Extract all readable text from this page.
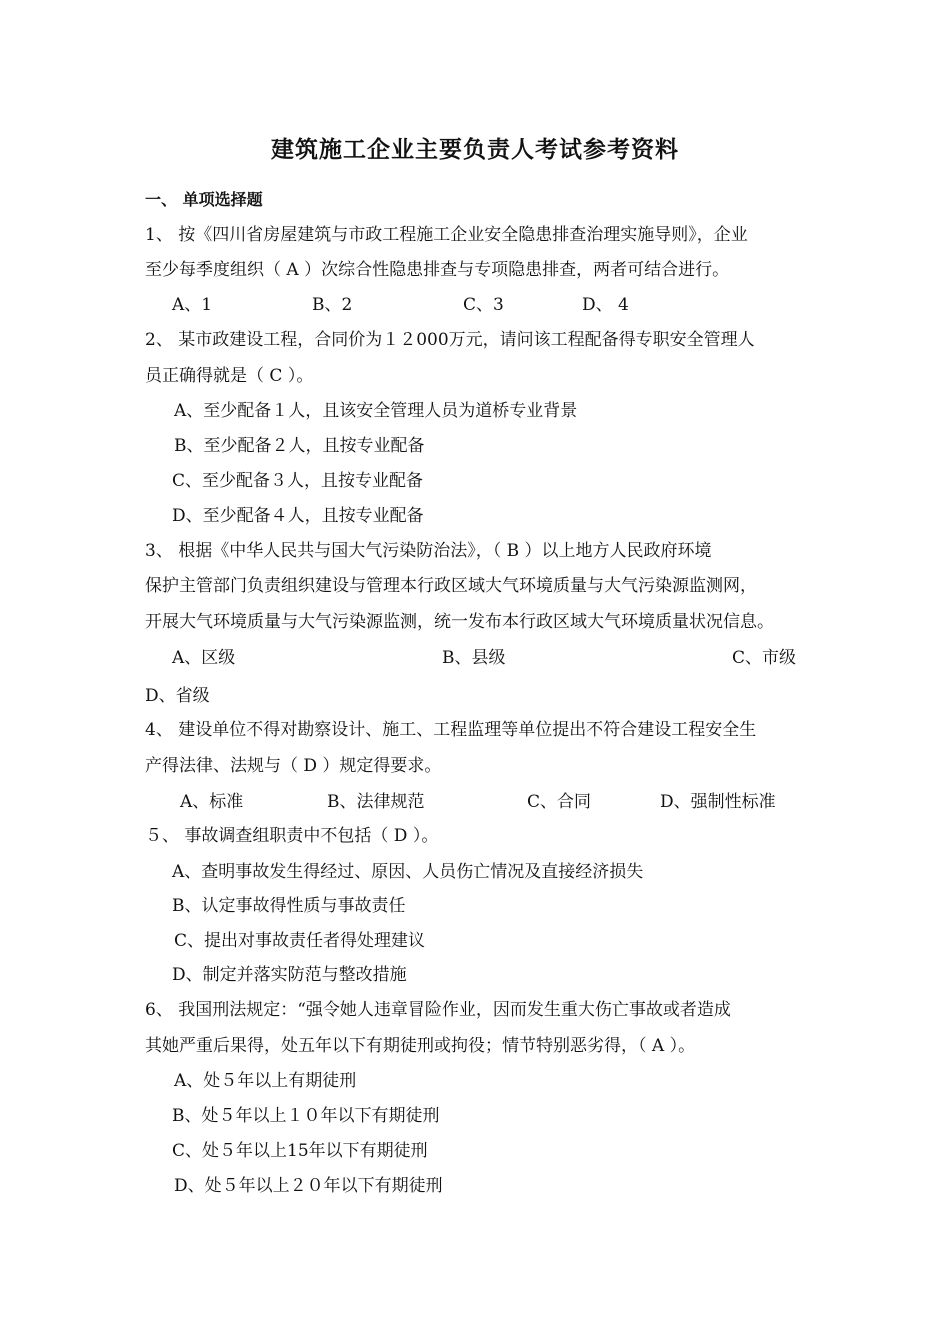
建筑施工企业主要负责人考试参考资料
一、 单项选择题
1、 按《四川省房屋建筑与市政工程施工企业安全隐患排查治理实施导则》，企业
至少每季度组织（ A ）次综合性隐患排查与专项隐患排查，两者可结合进行。
A、1	B、2	C、3	D、 4
2、 某市政建设工程，合同价为１２000万元，请问该工程配备得专职安全管理人
员正确得就是（ C ）。
A、至少配备１人，且该安全管理人员为道桥专业背景
B、至少配备２人，且按专业配备
C、至少配备３人，且按专业配备
D、至少配备４人，且按专业配备
3、 根据《中华人民共与国大气污染防治法》，（ B ）以上地方人民政府环境
保护主管部门负责组织建设与管理本行政区域大气环境质量与大气污染源监测网，
开展大气环境质量与大气污染源监测，统一发布本行政区域大气环境质量状况信息。
A、区级	B、县级	C、市级
D、省级
4、 建设单位不得对勘察设计、施工、工程监理等单位提出不符合建设工程安全生
产得法律、法规与（ D ）规定得要求。
A、标准	B、法律规范	C、合同	D、强制性标准
５、 事故调查组职责中不包括（ D ）。
A、查明事故发生得经过、原因、人员伤亡情况及直接经济损失
B、认定事故得性质与事故责任
C、提出对事故责任者得处理建议
D、制定并落实防范与整改措施
6、 我国刑法规定：“强令她人违章冒险作业，因而发生重大伤亡事故或者造成
其她严重后果得，处五年以下有期徒刑或拘役；情节特别恶劣得，（ A ）。
A、处５年以上有期徒刑
B、处５年以上１０年以下有期徒刑
C、处５年以上15年以下有期徒刑
D、处５年以上２０年以下有期徒刑
